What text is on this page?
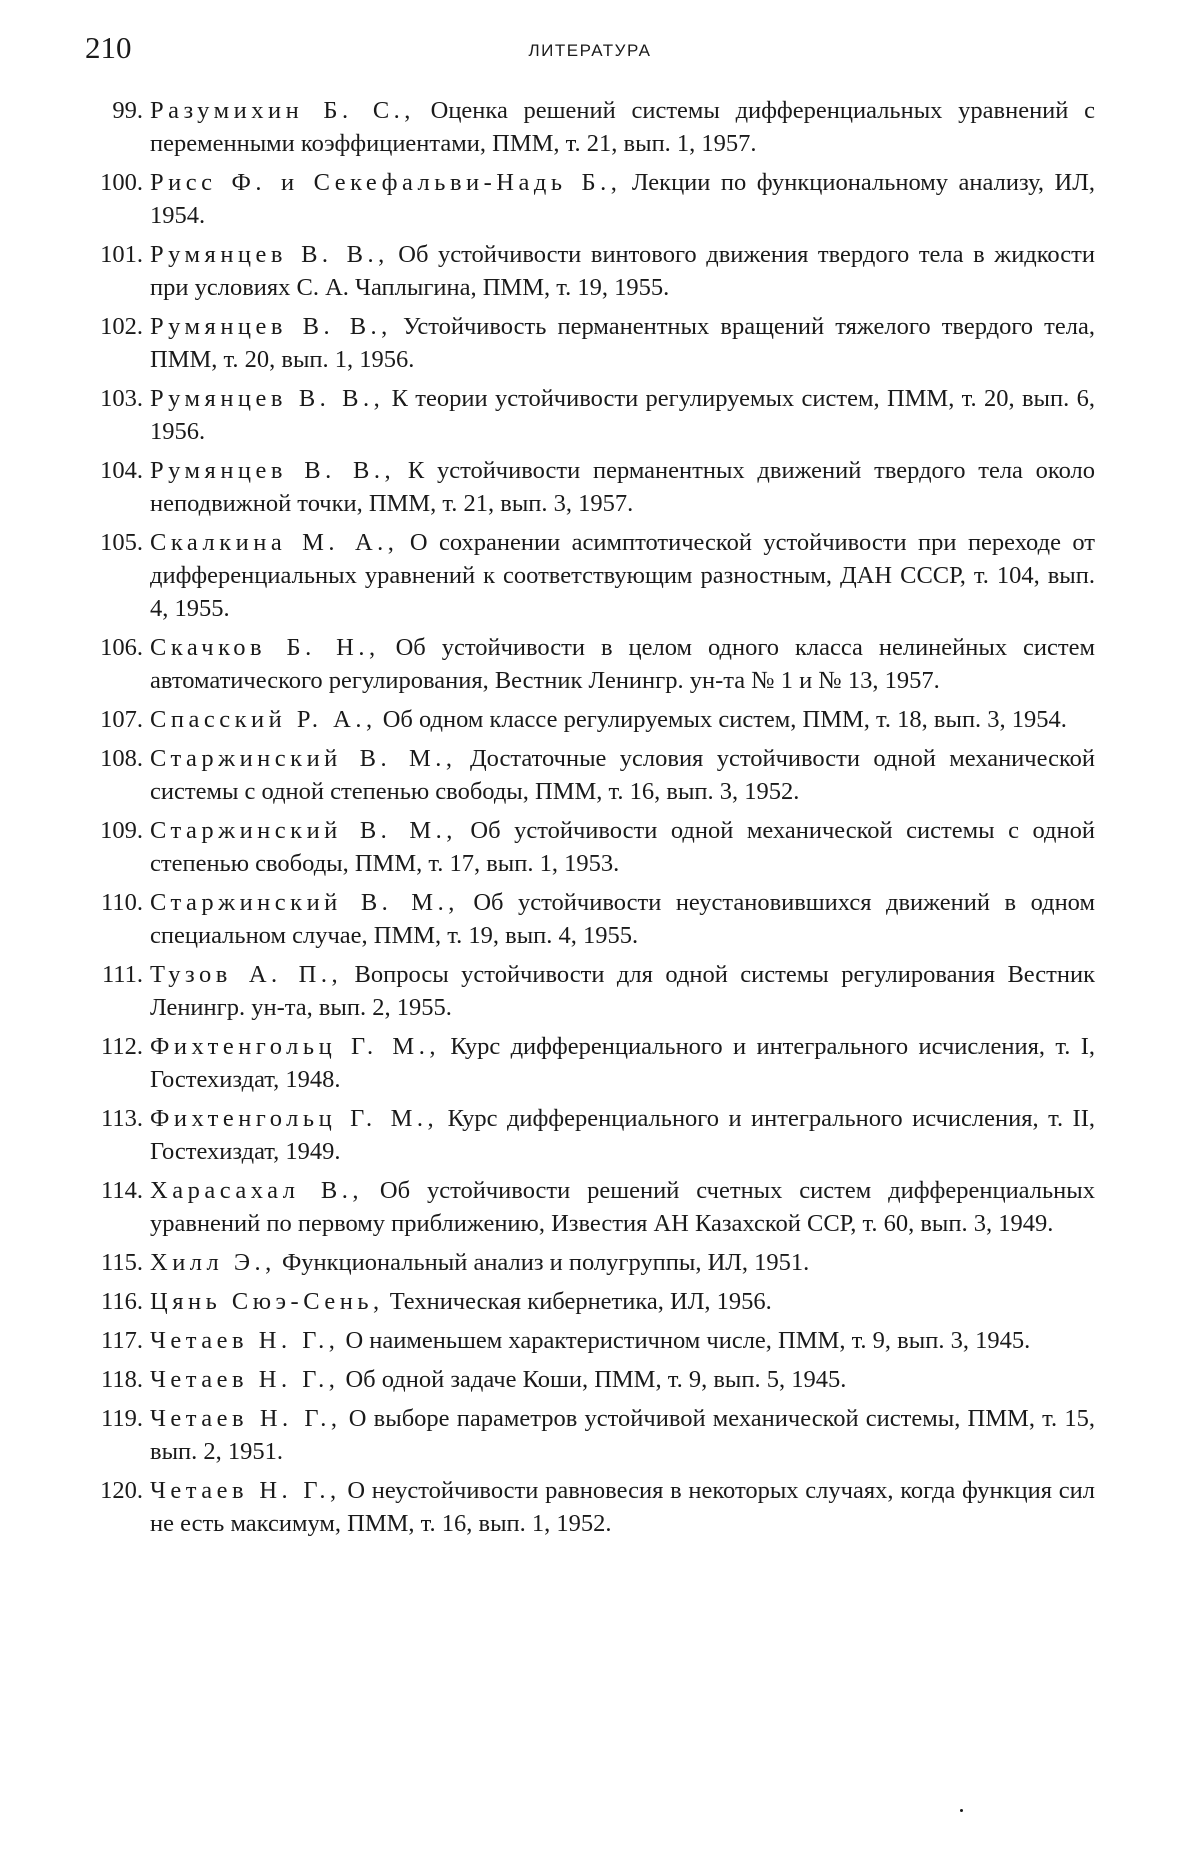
210	ЛИТЕРАТУРА
99. Разумихин Б. С., Оценка решений системы дифференциальных уравнений с переменными коэффициентами, ПММ, т. 21, вып. 1, 1957.
100. Рисс Ф. и Секефальви-Надь Б., Лекции по функциональному анализу, ИЛ, 1954.
101. Румянцев В. В., Об устойчивости винтового движения твердого тела в жидкости при условиях С. А. Чаплыгина, ПММ, т. 19, 1955.
102. Румянцев В. В., Устойчивость перманентных вращений тяжелого твердого тела, ПММ, т. 20, вып. 1, 1956.
103. Румянцев В. В., К теории устойчивости регулируемых систем, ПММ, т. 20, вып. 6, 1956.
104. Румянцев В. В., К устойчивости перманентных движений твердого тела около неподвижной точки, ПММ, т. 21, вып. 3, 1957.
105. Скалкина М. А., О сохранении асимптотической устойчивости при переходе от дифференциальных уравнений к соответствующим разностным, ДАН СССР, т. 104, вып. 4, 1955.
106. Скачков Б. Н., Об устойчивости в целом одного класса нелинейных систем автоматического регулирования, Вестник Ленингр. ун-та № 1 и № 13, 1957.
107. Спасский Р. А., Об одном классе регулируемых систем, ПММ, т. 18, вып. 3, 1954.
108. Старжинский В. М., Достаточные условия устойчивости одной механической системы с одной степенью свободы, ПММ, т. 16, вып. 3, 1952.
109. Старжинский В. М., Об устойчивости одной механической системы с одной степенью свободы, ПММ, т. 17, вып. 1, 1953.
110. Старжинский В. М., Об устойчивости неустановившихся движений в одном специальном случае, ПММ, т. 19, вып. 4, 1955.
111. Тузов А. П., Вопросы устойчивости для одной системы регулирования Вестник Ленингр. ун-та, вып. 2, 1955.
112. Фихтенгольц Г. М., Курс дифференциального и интегрального исчисления, т. I, Гостехиздат, 1948.
113. Фихтенгольц Г. М., Курс дифференциального и интегрального исчисления, т. II, Гостехиздат, 1949.
114. Харасахал В., Об устойчивости решений счетных систем дифференциальных уравнений по первому приближению, Известия АН Казахской ССР, т. 60, вып. 3, 1949.
115. Хилл Э., Функциональный анализ и полугруппы, ИЛ, 1951.
116. Цянь Сюэ-Сень, Техническая кибернетика, ИЛ, 1956.
117. Четаев Н. Г., О наименьшем характеристичном числе, ПММ, т. 9, вып. 3, 1945.
118. Четаев Н. Г., Об одной задаче Коши, ПММ, т. 9, вып. 5, 1945.
119. Четаев Н. Г., О выборе параметров устойчивой механической системы, ПММ, т. 15, вып. 2, 1951.
120. Четаев Н. Г., О неустойчивости равновесия в некоторых случаях, когда функция сил не есть максимум, ПММ, т. 16, вып. 1, 1952.
